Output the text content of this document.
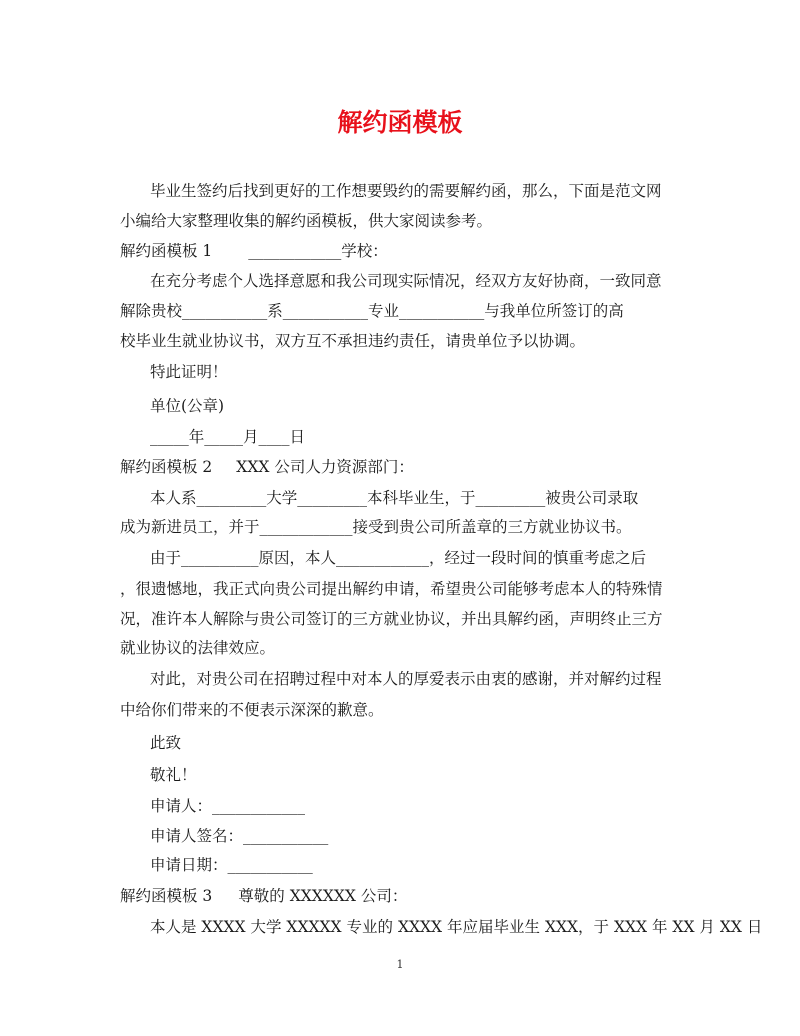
解约函模板
毕业生签约后找到更好的工作想要毁约的需要解约函，那么，下面是范文网
小编给大家整理收集的解约函模板，供大家阅读参考。
解约函模板 1 ____________学校：
在充分考虑个人选择意愿和我公司现实际情况，经双方友好协商，一致同意
解除贵校___________系___________专业___________与我单位所签订的高
校毕业生就业协议书，双方互不承担违约责任，请贵单位予以协调。
特此证明！
单位(公章)
_____年_____月____日
解约函模板 2 XXX 公司人力资源部门：
本人系_________大学_________本科毕业生，于_________被贵公司录取
成为新进员工，并于____________接受到贵公司所盖章的三方就业协议书。
由于__________原因，本人____________，经过一段时间的慎重考虑之后
，很遗憾地，我正式向贵公司提出解约申请，希望贵公司能够考虑本人的特殊情
况，准许本人解除与贵公司签订的三方就业协议，并出具解约函，声明终止三方
就业协议的法律效应。
对此，对贵公司在招聘过程中对本人的厚爱表示由衷的感谢，并对解约过程
中给你们带来的不便表示深深的歉意。
此致
敬礼！
申请人：____________
申请人签名：___________
申请日期：___________
解约函模板 3 尊敬的 XXXXXX 公司：
本人是 XXXX 大学 XXXXX 专业的 XXXX 年应届毕业生 XXX，于 XXX 年 XX 月 XX 日
1
